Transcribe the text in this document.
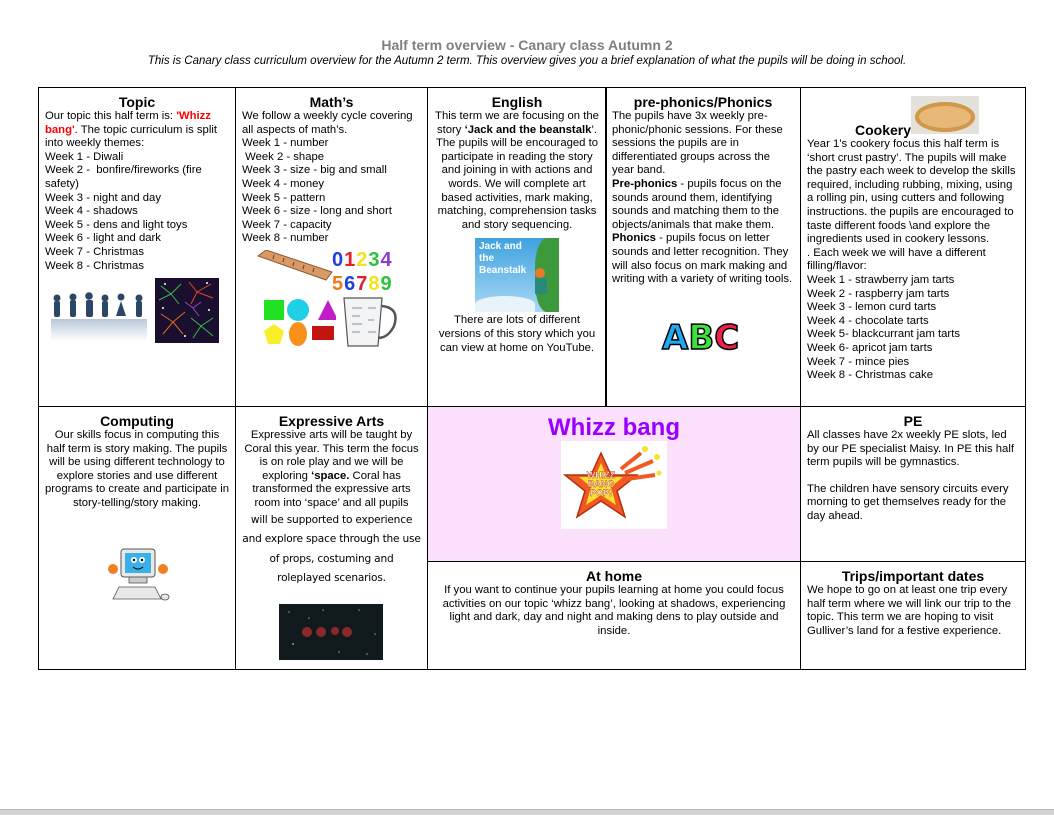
Half term overview - Canary class Autumn 2
This is Canary class curriculum overview for the Autumn 2 term. This overview gives you a brief explanation of what the pupils will be doing in school.
Topic
Our topic this half term is: 'Whizz bang'. The topic curriculum is split into weekly themes:
Week 1 - Diwali
Week 2 -  bonfire/fireworks (fire safety)
Week 3 - night and day
Week 4 - shadows
Week 5 - dens and light toys
Week 6 - light and dark
Week 7 - Christmas
Week 8 - Christmas
Math’s
We follow a weekly cycle covering all aspects of math’s.
Week 1 - number
Week 2 - shape
Week 3 - size - big and small
Week 4 - money
Week 5 - pattern
Week 6 - size - long and short
Week 7 - capacity
Week 8 - number
01234
56789
English
This term we are focusing on the story ‘Jack and the beanstalk’. The pupils will be encouraged to participate in reading the story and joining in with actions and words. We will complete art based activities, mark making, matching, comprehension tasks and story sequencing.
Jack and the Beanstalk
There are lots of different versions of this story which you can view at home on YouTube.
pre-phonics/Phonics
The pupils have 3x weekly pre-phonic/phonic sessions. For these sessions the pupils are in differentiated groups across the year band.
Pre-phonics - pupils focus on the sounds around them, identifying sounds and matching them to the objects/animals that make them.
Phonics - pupils focus on letter sounds and letter recognition. They will also focus on mark making and writing with a variety of writing tools.
ABC
Cookery
Year 1’s cookery focus this half term is ‘short crust pastry’. The pupils will make the pastry each week to develop the skills required, including rubbing, mixing, using a rolling pin, using cutters and following instructions. the pupils are encouraged to taste different foods \and explore the ingredients used in cookery lessons.
. Each week we will have a different filling/flavor:
Week 1 - strawberry jam tarts
Week 2 - raspberry jam tarts
Week 3 - lemon curd tarts
Week 4 - chocolate tarts
Week 5- blackcurrant jam tarts
Week 6- apricot jam tarts
Week 7 - mince pies
Week 8 - Christmas cake
Computing
Our skills focus in computing this half term is story making. The pupils will be using different technology to explore stories and use different programs to create and participate in story-telling/story making.
Expressive Arts
Expressive arts will be taught by Coral this year. This term the focus is on role play and we will be exploring ‘space. Coral has transformed the expressive arts room into ‘space’ and all pupils
will be supported to experience and explore space through the use of props, costuming and roleplayed scenarios.
Whizz bang
WHIZZ
BANG
POP!
PE
All classes have 2x weekly PE slots, led by our PE specialist Maisy. In PE this half term pupils will be gymnastics.
The children have sensory circuits every morning to get themselves ready for the day ahead.
At home
If you want to continue your pupils learning at home you could focus activities on our topic ‘whizz bang’, looking at shadows, experiencing light and dark, day and night and making dens to play outside and inside.
Trips/important dates
We hope to go on at least one trip every half term where we will link our trip to the topic. This term we are hoping to visit Gulliver’s land for a festive experience.
